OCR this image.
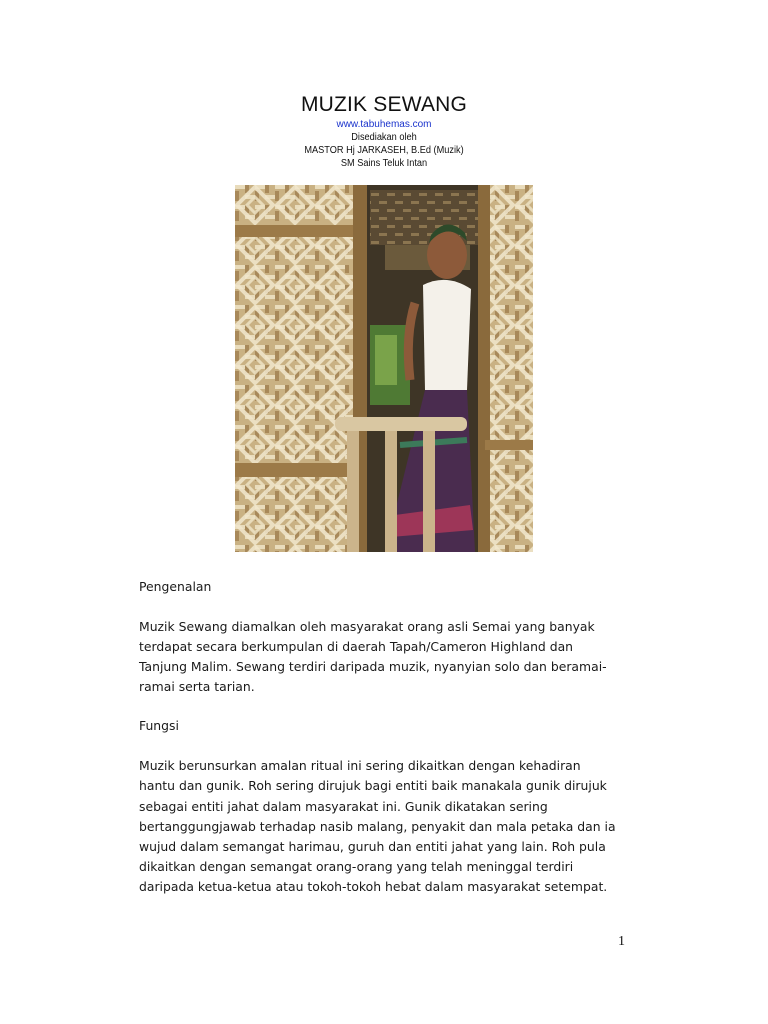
MUZIK SEWANG
www.tabuhemas.com
Disediakan oleh
MASTOR Hj JARKASEH, B.Ed (Muzik)
SM Sains Teluk Intan
Pengenalan
Muzik Sewang diamalkan oleh masyarakat orang asli Semai yang banyak
terdapat secara berkumpulan di daerah Tapah/Cameron Highland dan
Tanjung Malim. Sewang terdiri daripada muzik, nyanyian solo dan beramai-
ramai serta tarian.
Fungsi
Muzik berunsurkan amalan ritual ini sering dikaitkan dengan kehadiran
hantu dan gunik. Roh sering dirujuk bagi entiti baik manakala gunik dirujuk
sebagai entiti jahat dalam masyarakat ini. Gunik dikatakan sering
bertanggungjawab terhadap nasib malang, penyakit dan mala petaka dan ia
wujud dalam semangat harimau, guruh dan entiti jahat yang lain. Roh pula
dikaitkan dengan semangat orang-orang yang telah meninggal terdiri
daripada ketua-ketua atau tokoh-tokoh hebat dalam masyarakat setempat.
1
